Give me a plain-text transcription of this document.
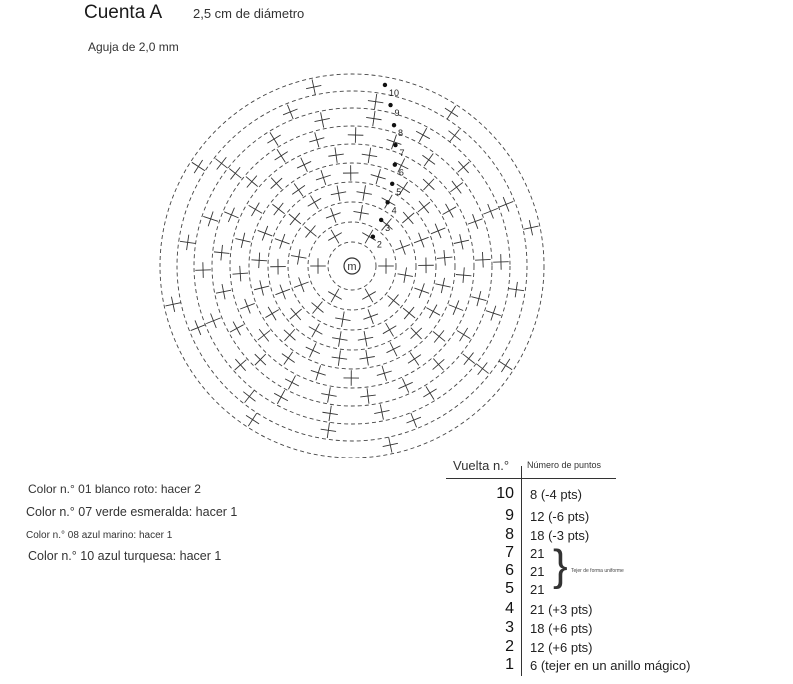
Cuenta A 2,5 cm de diámetro
Aguja de 2,0 mm
2
3
4
5
6
7
8
9
10
m
Color n.° 01 blanco roto: hacer 2
Color n.° 07 verde esmeralda: hacer 1
Color n.° 08 azul marino: hacer 1
Color n.° 10 azul turquesa: hacer 1
Vuelta n.° Número de puntos
10 8 (-4 pts)
9 12 (-6 pts)
8 18 (-3 pts)
7 21
6 21
5 21
4 21 (+3 pts)
3 18 (+6 pts)
2 12 (+6 pts)
1 6 (tejer en un anillo mágico)
} Tejer de forma uniforme
